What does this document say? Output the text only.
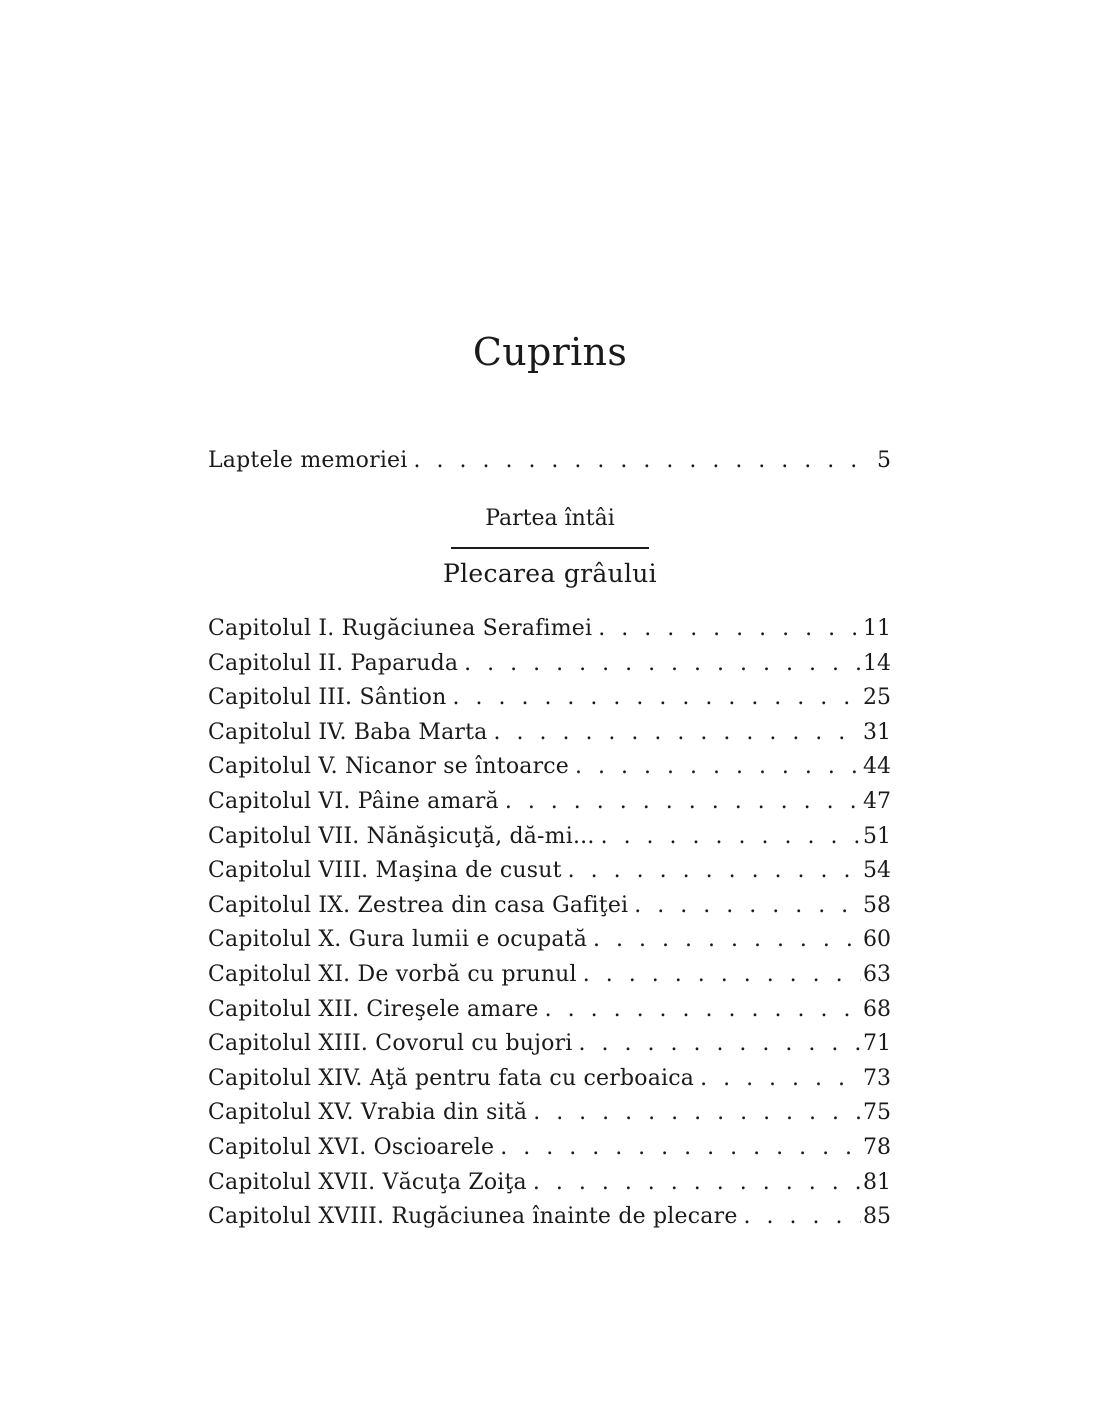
Cuprins
Laptele memoriei . . .	5
Partea întâi
Plecarea grâului
Capitolul I. Rugăciunea Serafimei . . .	11
Capitolul II. Paparuda . . .	14
Capitolul III. Sântion . . .	25
Capitolul IV. Baba Marta . . .	31
Capitolul V. Nicanor se întoarce . . .	44
Capitolul VI. Pâine amară . . .	47
Capitolul VII. Nănăşicuţă, dă-mi... . . .	51
Capitolul VIII. Maşina de cusut . . .	54
Capitolul IX. Zestrea din casa Gafiţei . . .	58
Capitolul X. Gura lumii e ocupată . . .	60
Capitolul XI. De vorbă cu prunul . . .	63
Capitolul XII. Cireşele amare . . .	68
Capitolul XIII. Covorul cu bujori . . .	71
Capitolul XIV. Aţă pentru fata cu cerboaica . . .	73
Capitolul XV. Vrabia din sită . . .	75
Capitolul XVI. Oscioarele . . .	78
Capitolul XVII. Văcuţa Zoiţa . . .	81
Capitolul XVIII. Rugăciunea înainte de plecare . . .	85
